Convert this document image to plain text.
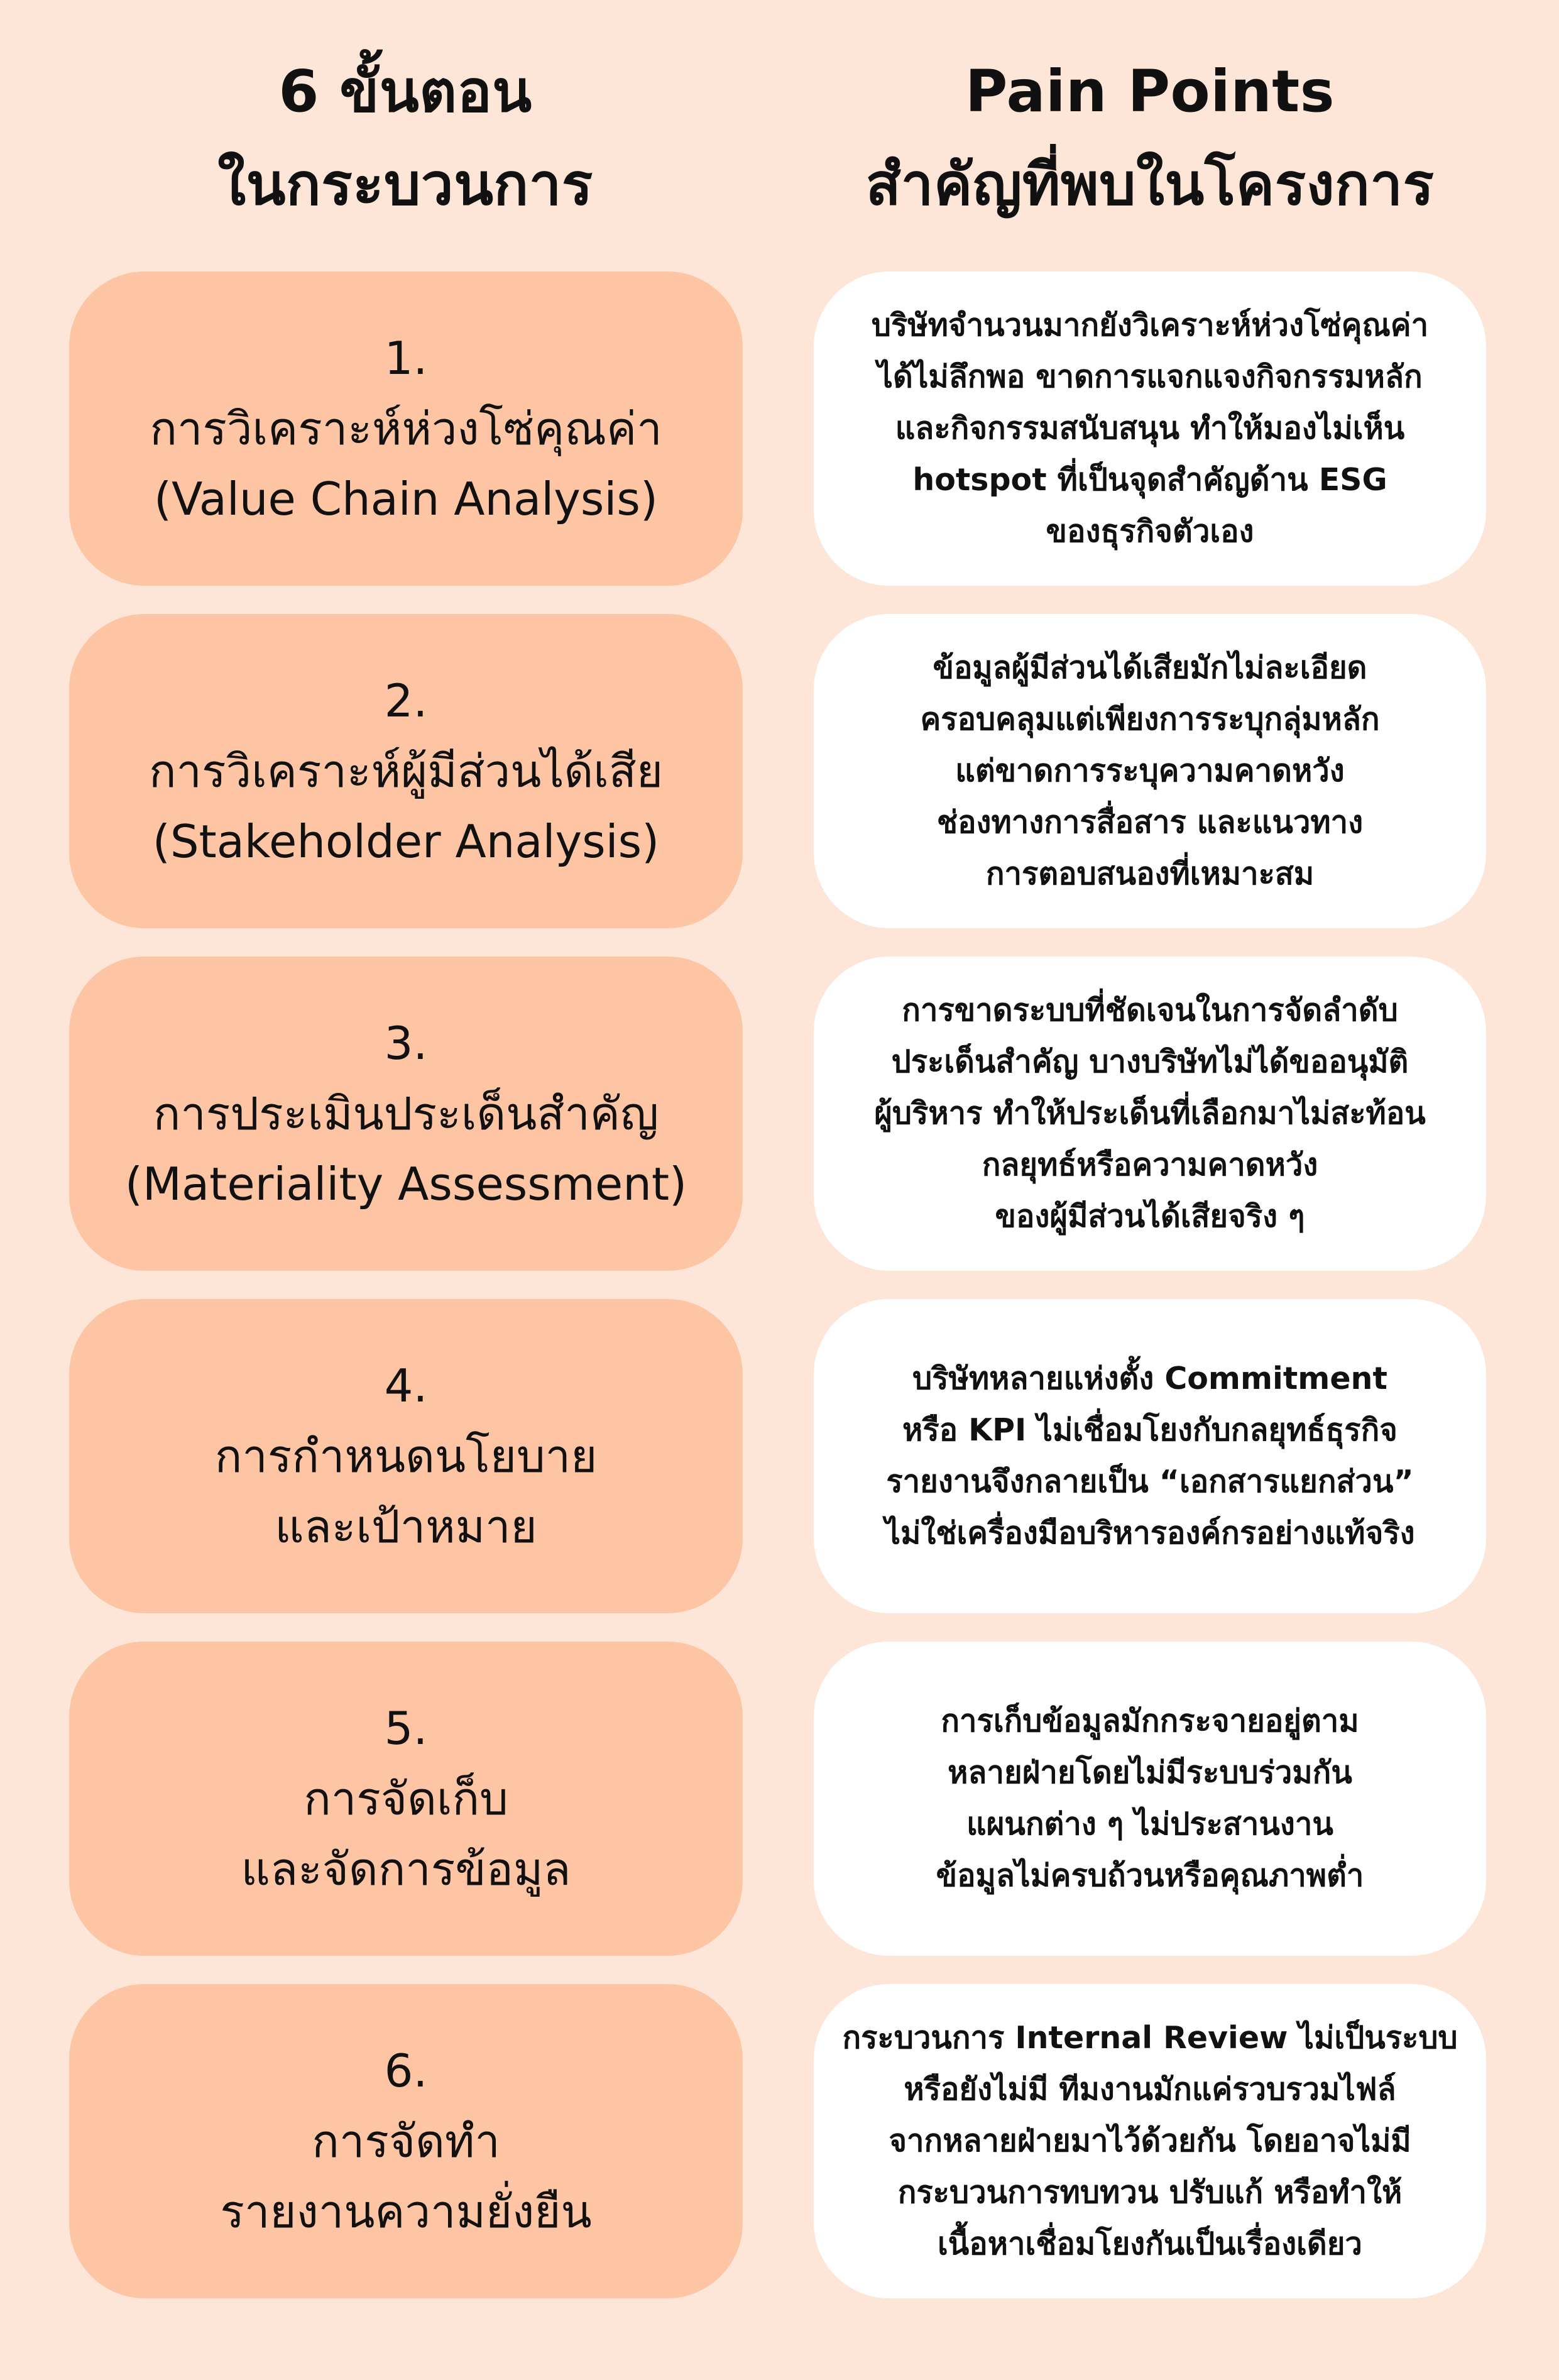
6 ขั้นตอน
ในกระบวนการ
Pain Points
สำคัญที่พบในโครงการ
1.
การวิเคราะห์ห่วงโซ่คุณค่า
(Value Chain Analysis)
บริษัทจำนวนมากยังวิเคราะห์ห่วงโซ่คุณค่า
ได้ไม่ลึกพอ ขาดการแจกแจงกิจกรรมหลัก
และกิจกรรมสนับสนุน ทำให้มองไม่เห็น
hotspot ที่เป็นจุดสำคัญด้าน ESG
ของธุรกิจตัวเอง
2.
การวิเคราะห์ผู้มีส่วนได้เสีย
(Stakeholder Analysis)
ข้อมูลผู้มีส่วนได้เสียมักไม่ละเอียด
ครอบคลุมแต่เพียงการระบุกลุ่มหลัก
แต่ขาดการระบุความคาดหวัง
ช่องทางการสื่อสาร และแนวทาง
การตอบสนองที่เหมาะสม
3.
การประเมินประเด็นสำคัญ
(Materiality Assessment)
การขาดระบบที่ชัดเจนในการจัดลำดับ
ประเด็นสำคัญ บางบริษัทไม่ได้ขออนุมัติ
ผู้บริหาร ทำให้ประเด็นที่เลือกมาไม่สะท้อน
กลยุทธ์หรือความคาดหวัง
ของผู้มีส่วนได้เสียจริง ๆ
4.
การกำหนดนโยบาย
และเป้าหมาย
บริษัทหลายแห่งตั้ง Commitment
หรือ KPI ไม่เชื่อมโยงกับกลยุทธ์ธุรกิจ
รายงานจึงกลายเป็น “เอกสารแยกส่วน”
ไม่ใช่เครื่องมือบริหารองค์กรอย่างแท้จริง
5.
การจัดเก็บ
และจัดการข้อมูล
การเก็บข้อมูลมักกระจายอยู่ตาม
หลายฝ่ายโดยไม่มีระบบร่วมกัน
แผนกต่าง ๆ ไม่ประสานงาน
ข้อมูลไม่ครบถ้วนหรือคุณภาพต่ำ
6.
การจัดทำ
รายงานความยั่งยืน
กระบวนการ Internal Review ไม่เป็นระบบ
หรือยังไม่มี ทีมงานมักแค่รวบรวมไฟล์
จากหลายฝ่ายมาไว้ด้วยกัน โดยอาจไม่มี
กระบวนการทบทวน ปรับแก้ หรือทำให้
เนื้อหาเชื่อมโยงกันเป็นเรื่องเดียว
